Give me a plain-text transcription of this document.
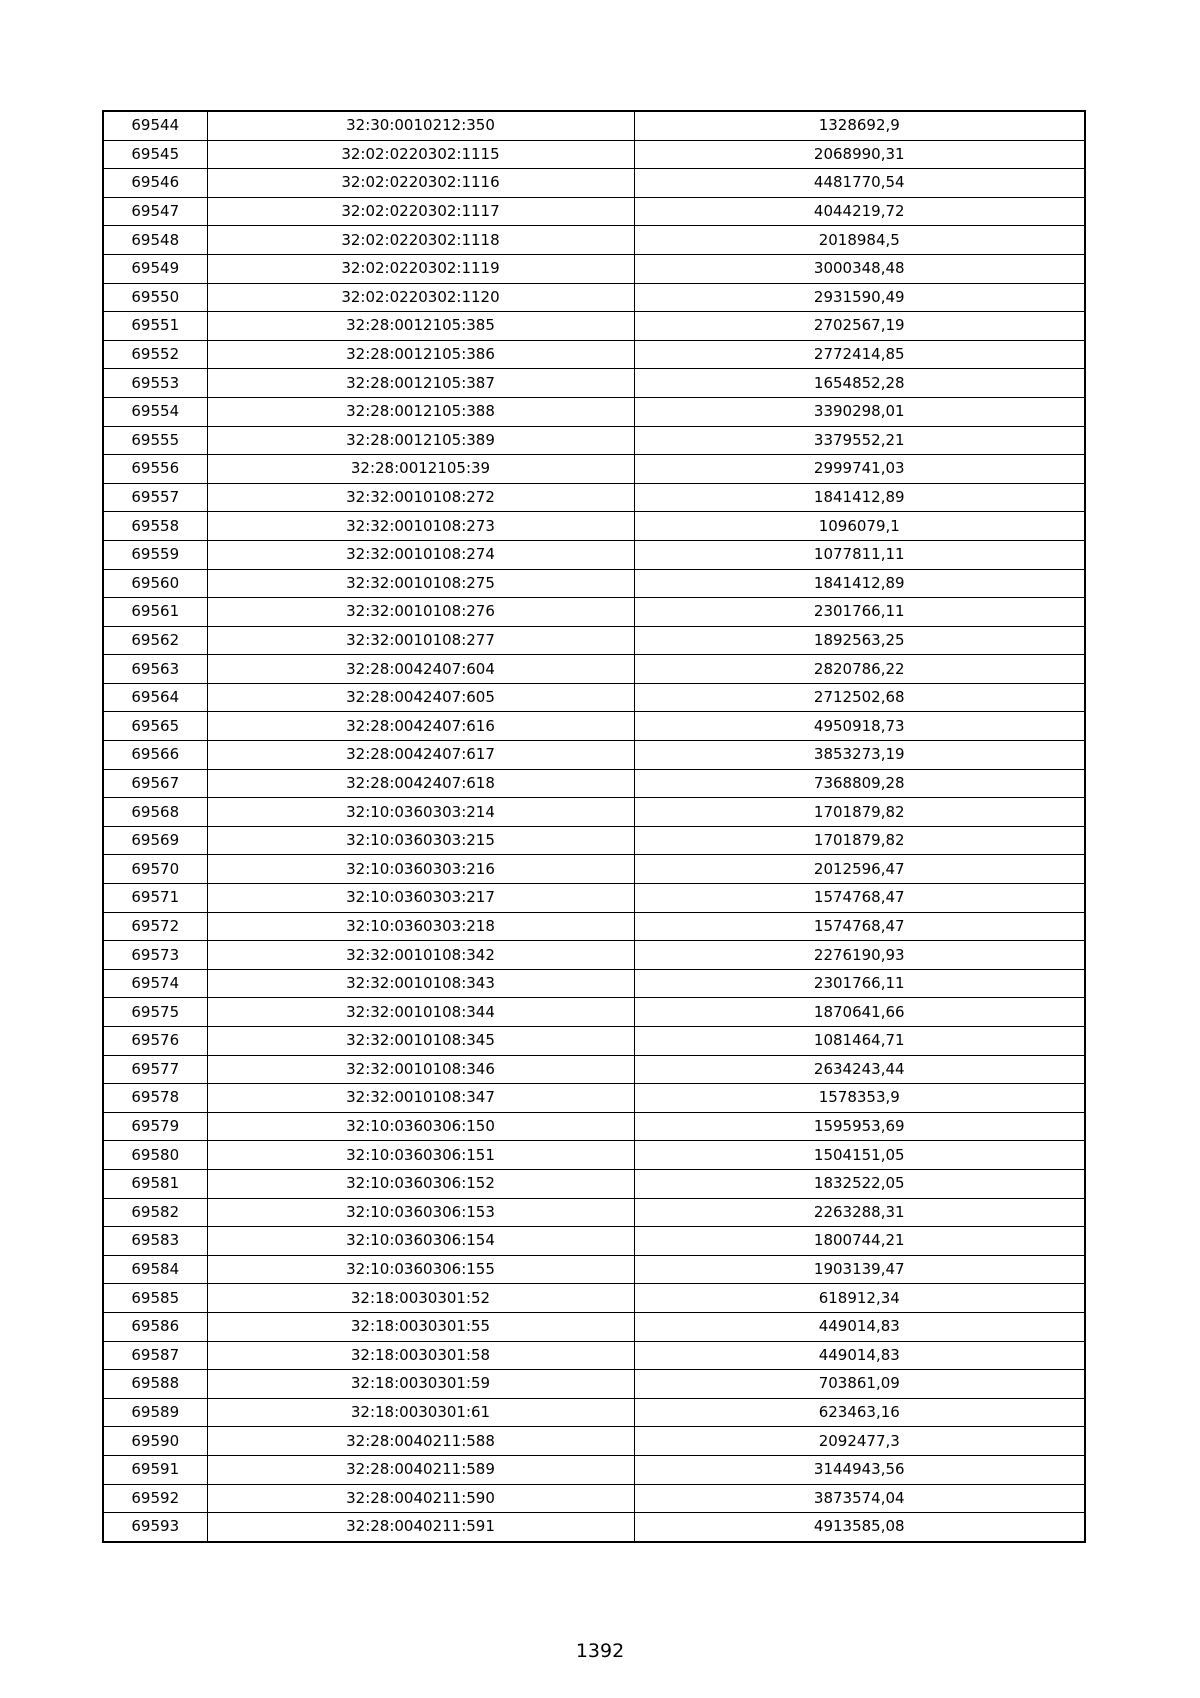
69544	32:30:0010212:350	1328692,9
69545	32:02:0220302:1115	2068990,31
69546	32:02:0220302:1116	4481770,54
69547	32:02:0220302:1117	4044219,72
69548	32:02:0220302:1118	2018984,5
69549	32:02:0220302:1119	3000348,48
69550	32:02:0220302:1120	2931590,49
69551	32:28:0012105:385	2702567,19
69552	32:28:0012105:386	2772414,85
69553	32:28:0012105:387	1654852,28
69554	32:28:0012105:388	3390298,01
69555	32:28:0012105:389	3379552,21
69556	32:28:0012105:39	2999741,03
69557	32:32:0010108:272	1841412,89
69558	32:32:0010108:273	1096079,1
69559	32:32:0010108:274	1077811,11
69560	32:32:0010108:275	1841412,89
69561	32:32:0010108:276	2301766,11
69562	32:32:0010108:277	1892563,25
69563	32:28:0042407:604	2820786,22
69564	32:28:0042407:605	2712502,68
69565	32:28:0042407:616	4950918,73
69566	32:28:0042407:617	3853273,19
69567	32:28:0042407:618	7368809,28
69568	32:10:0360303:214	1701879,82
69569	32:10:0360303:215	1701879,82
69570	32:10:0360303:216	2012596,47
69571	32:10:0360303:217	1574768,47
69572	32:10:0360303:218	1574768,47
69573	32:32:0010108:342	2276190,93
69574	32:32:0010108:343	2301766,11
69575	32:32:0010108:344	1870641,66
69576	32:32:0010108:345	1081464,71
69577	32:32:0010108:346	2634243,44
69578	32:32:0010108:347	1578353,9
69579	32:10:0360306:150	1595953,69
69580	32:10:0360306:151	1504151,05
69581	32:10:0360306:152	1832522,05
69582	32:10:0360306:153	2263288,31
69583	32:10:0360306:154	1800744,21
69584	32:10:0360306:155	1903139,47
69585	32:18:0030301:52	618912,34
69586	32:18:0030301:55	449014,83
69587	32:18:0030301:58	449014,83
69588	32:18:0030301:59	703861,09
69589	32:18:0030301:61	623463,16
69590	32:28:0040211:588	2092477,3
69591	32:28:0040211:589	3144943,56
69592	32:28:0040211:590	3873574,04
69593	32:28:0040211:591	4913585,08
1392
